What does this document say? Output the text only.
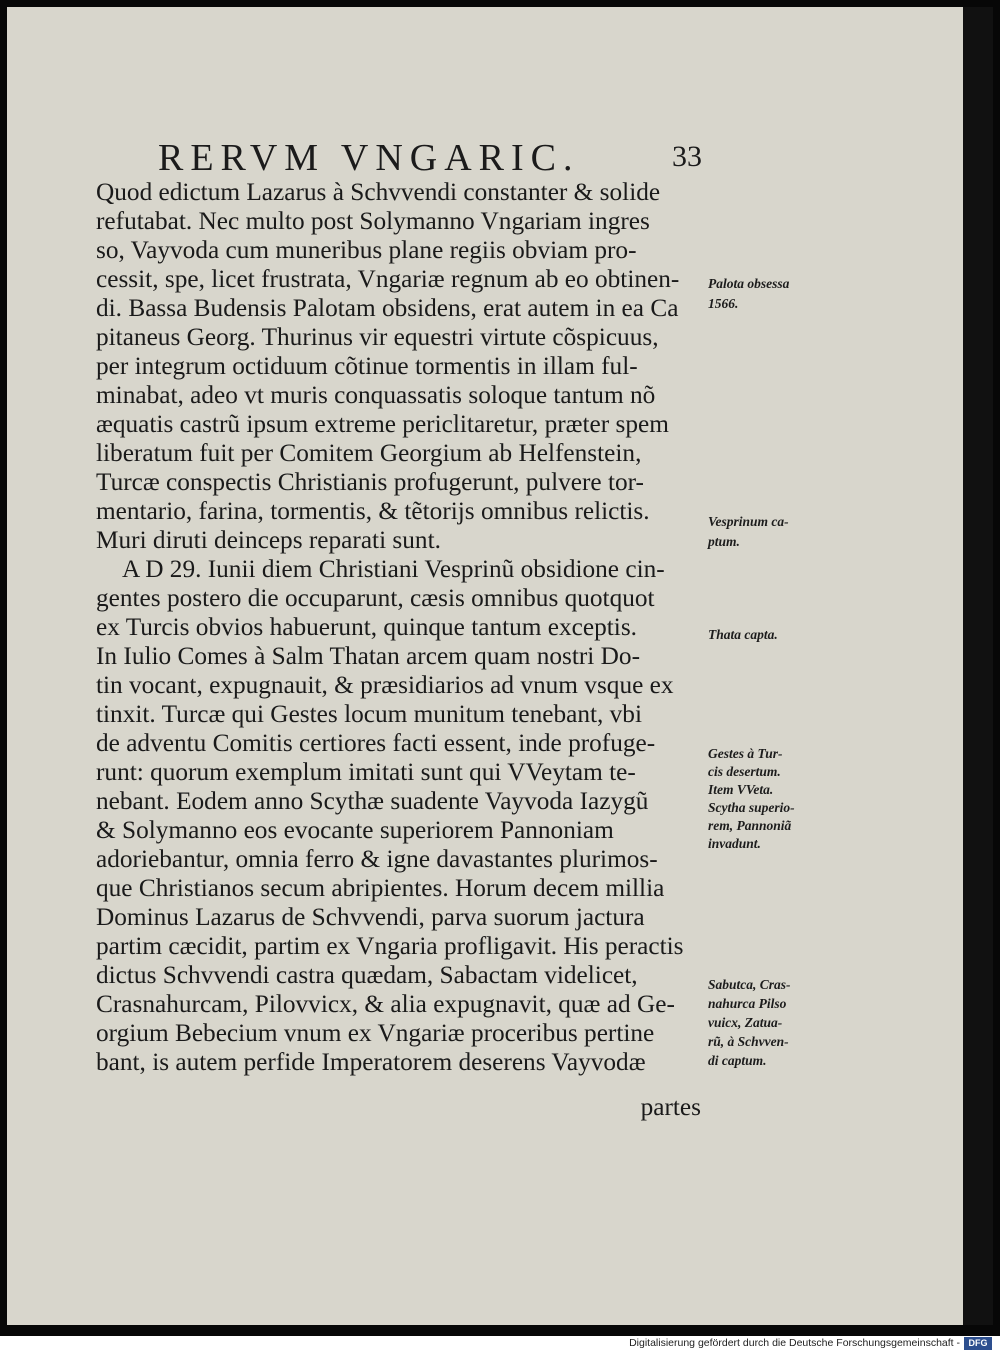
RERVM VNGARIC.	33
Quod edictum Lazarus à Schvvendi constanter & solide
refutabat. Nec multo post Solymanno Vngariam ingres
so, Vayvoda cum muneribus plane regiis obviam pro-
cessit, spe, licet frustrata, Vngariæ regnum ab eo obtinen-
di. Bassa Budensis Palotam obsidens, erat autem in ea Ca
pitaneus Georg. Thurinus vir equestri virtute cõspicuus,
per integrum octiduum cõtinue tormentis in illam ful-
minabat, adeo vt muris conquassatis soloque tantum nõ
æquatis castrũ ipsum extreme periclitaretur, præter spem
liberatum fuit per Comitem Georgium ab Helfenstein,
Turcæ conspectis Christianis profugerunt, pulvere tor-
mentario, farina, tormentis, & tẽtorijs omnibus relictis.
Muri diruti deinceps reparati sunt.
A D 29. Iunii diem Christiani Vesprinũ obsidione cin-
gentes postero die occuparunt, cæsis omnibus quotquot
ex Turcis obvios habuerunt, quinque tantum exceptis.
In Iulio Comes à Salm Thatan arcem quam nostri Do-
tin vocant, expugnauit, & præsidiarios ad vnum vsque ex
tinxit. Turcæ qui Gestes locum munitum tenebant, vbi
de adventu Comitis certiores facti essent, inde profuge-
runt: quorum exemplum imitati sunt qui VVeytam te-
nebant. Eodem anno Scythæ suadente Vayvoda Iazygũ
& Solymanno eos evocante superiorem Pannoniam
adoriebantur, omnia ferro & igne davastantes plurimos-
que Christianos secum abripientes. Horum decem millia
Dominus Lazarus de Schvvendi, parva suorum jactura
partim cæcidit, partim ex Vngaria profligavit. His peractis
dictus Schvvendi castra quædam, Sabactam videlicet,
Crasnahurcam, Pilovvicx, & alia expugnavit, quæ ad Ge-
orgium Bebecium vnum ex Vngariæ proceribus pertine
bant, is autem perfide Imperatorem deserens Vayvodæ
partes
Palota obsessa
1566.
Vesprinum ca-
ptum.
Thata capta.
Gestes à Tur-
cis desertum.
Item VVeta.
Scytha superio-
rem, Pannoniã
invadunt.
Sabutca, Cras-
nahurca Pilso
vuicx, Zatua-
rũ, à Schvven-
di captum.
Digitalisierung gefördert durch die Deutsche Forschungsgemeinschaft - DFG
